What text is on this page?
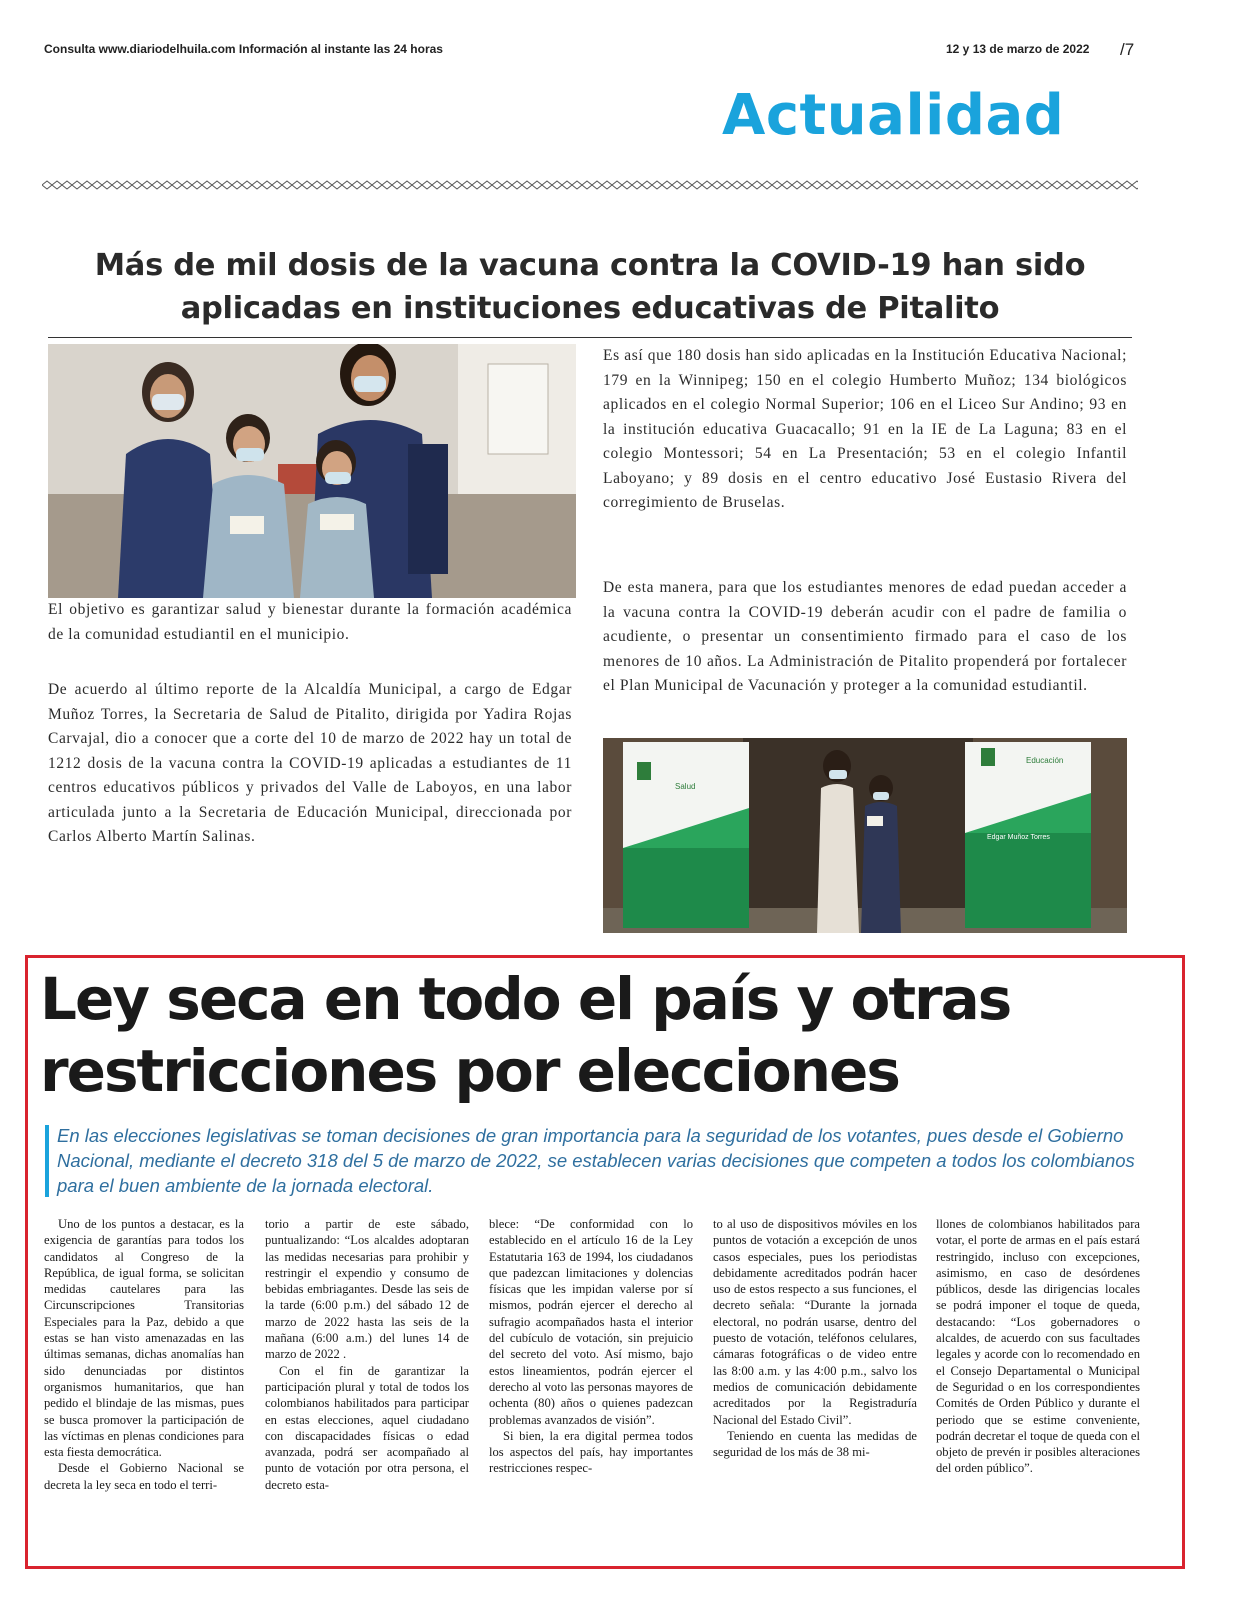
Consulta www.diariodelhuila.com Información al instante las 24 horas	12 y 13 de marzo de 2022 /7
Actualidad
Más de mil dosis de la vacuna contra la COVID-19 han sido
aplicadas en instituciones educativas de Pitalito
El objetivo es garantizar salud y bienestar durante la formación académica de la comunidad estudiantil en el municipio.
De acuerdo al último reporte de la Alcaldía Municipal, a cargo de Edgar Muñoz Torres, la Secretaria de Salud de Pitalito, dirigida por Yadira Rojas Carvajal, dio a conocer que a corte del 10 de marzo de 2022 hay un total de 1212 dosis de la vacuna contra la COVID-19 aplicadas a estudiantes de 11 centros educativos públicos y privados del Valle de Laboyos, en una labor articulada junto a la Secretaria de Educación Municipal, direccionada por Carlos Alberto Martín Salinas.
Es así que 180 dosis han sido aplicadas en la Institución Educativa Nacional; 179 en la Winnipeg; 150 en el colegio Humberto Muñoz; 134 biológicos aplicados en el colegio Normal Superior; 106 en el Liceo Sur Andino; 93 en la institución educativa Guacacallo; 91 en la IE de La Laguna; 83 en el colegio Montessori; 54 en La Presentación; 53 en el colegio Infantil Laboyano; y 89 dosis en el centro educativo José Eustasio Rivera del corregimiento de Bruselas.
De esta manera, para que los estudiantes menores de edad puedan acceder a la vacuna contra la COVID-19 deberán acudir con el padre de familia o acudiente, o presentar un consentimiento firmado para el caso de los menores de 10 años. La Administración de Pitalito propenderá por fortalecer el Plan Municipal de Vacunación y proteger a la comunidad estudiantil.
Salud
Educación
Edgar Muñoz Torres
Ley seca en todo el país y otras
restricciones por elecciones
En las elecciones legislativas se toman decisiones de gran importancia para la seguridad de los votantes, pues desde el Gobierno Nacional, mediante el decreto 318 del 5 de marzo de 2022, se establecen varias decisiones que competen a todos los colombianos para el buen ambiente de la jornada electoral.

Uno de los puntos a destacar, es la exigencia de garantías para todos los candidatos al Congreso de la República, de igual forma, se solicitan medidas cautelares para las Circunscripciones Transitorias Especiales para la Paz, debido a que estas se han visto amenazadas en las últimas semanas, dichas anomalías han sido denunciadas por distintos organismos humanitarios, que han pedido el blindaje de las mismas, pues se busca promover la participación de las víctimas en plenas condiciones para esta fiesta democrática.

Desde el Gobierno Nacional se decreta la ley seca en todo el terri-

torio a partir de este sábado, puntualizando: “Los alcaldes adoptaran las medidas necesarias para prohibir y restringir el expendio y consumo de bebidas embriagantes. Desde las seis de la tarde (6:00 p.m.) del sábado 12 de marzo de 2022 hasta las seis de la mañana (6:00 a.m.) del lunes 14 de marzo de 2022 .

Con el fin de garantizar la participación plural y total de todos los colombianos habilitados para participar en estas elecciones, aquel ciudadano con discapacidades físicas o edad avanzada, podrá ser acompañado al punto de votación por otra persona, el decreto esta-

blece: “De conformidad con lo establecido en el artículo 16 de la Ley Estatutaria 163 de 1994, los ciudadanos que padezcan limitaciones y dolencias físicas que les impidan valerse por sí mismos, podrán ejercer el derecho al sufragio acompañados hasta el interior del cubículo de votación, sin prejuicio del secreto del voto. Así mismo, bajo estos lineamientos, podrán ejercer el derecho al voto las personas mayores de ochenta (80) años o quienes padezcan problemas avanzados de visión”.

Si bien, la era digital permea todos los aspectos del país, hay importantes restricciones respec-

to al uso de dispositivos móviles en los puntos de votación a excepción de unos casos especiales, pues los periodistas debidamente acreditados podrán hacer uso de estos respecto a sus funciones, el decreto señala: “Durante la jornada electoral, no podrán usarse, dentro del puesto de votación, teléfonos celulares, cámaras fotográficas o de video entre las 8:00 a.m. y las 4:00 p.m., salvo los medios de comunicación debidamente acreditados por la Registraduría Nacional del Estado Civil”.

Teniendo en cuenta las medidas de seguridad de los más de 38 mi-

llones de colombianos habilitados para votar, el porte de armas en el país estará restringido, incluso con excepciones, asimismo, en caso de desórdenes públicos, desde las dirigencias locales se podrá imponer el toque de queda, destacando: “Los gobernadores o alcaldes, de acuerdo con sus facultades legales y acorde con lo recomendado en el Consejo Departamental o Municipal de Seguridad o en los correspondientes Comités de Orden Público y durante el periodo que se estime conveniente, podrán decretar el toque de queda con el objeto de prevén ir posibles alteraciones del orden público”.
